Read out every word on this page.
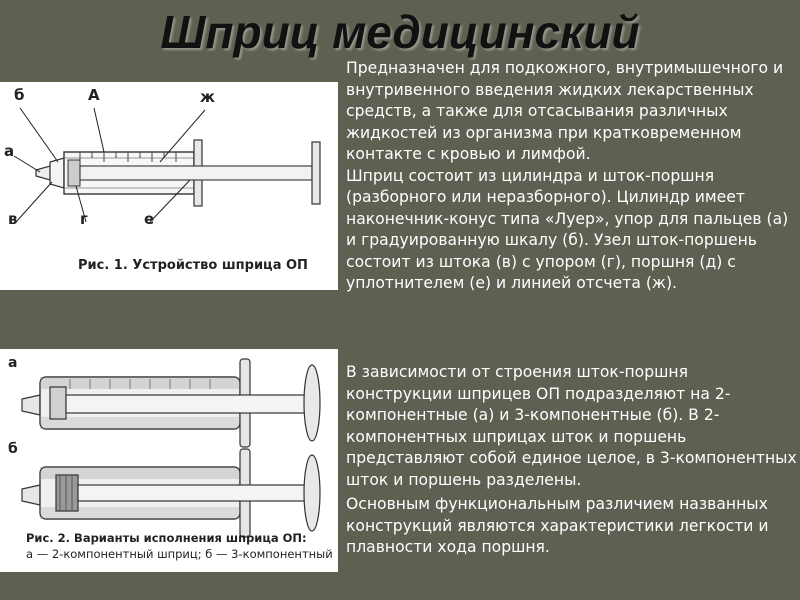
Шприц медицинский
б	А	ж
а
в	г	е
Рис. 1. Устройство шприца ОП

Предназначен для подкожного, внутримышечного и внутривенного введения жидких лекарственных средств, а также для отсасывания различных жидкостей из организма при кратковременном контакте с кровью и лимфой.
Шприц состоит из цилиндра и шток-поршня (разборного или неразборного). Цилиндр имеет наконечник-конус типа «Луер», упор для пальцев (а) и градуированную шкалу (б). Узел шток-поршень состоит из штока (в) с упором (г), поршня (д) с уплотнителем (е) и линией отсчета (ж).

а
б
Рис. 2. Варианты исполнения шприца ОП:
а — 2-компонентный шприц; б — 3-компонентный

В зависимости от строения шток-поршня конструкции шприцев ОП подразделяют на 2-компонентные (а) и 3-компонентные (б). В 2-компонентных шприцах шток и поршень представляют собой единое целое, в 3-компонентных шток и поршень разделены.

Основным функциональным различием названных конструкций являются характеристики легкости и плавности хода поршня.
